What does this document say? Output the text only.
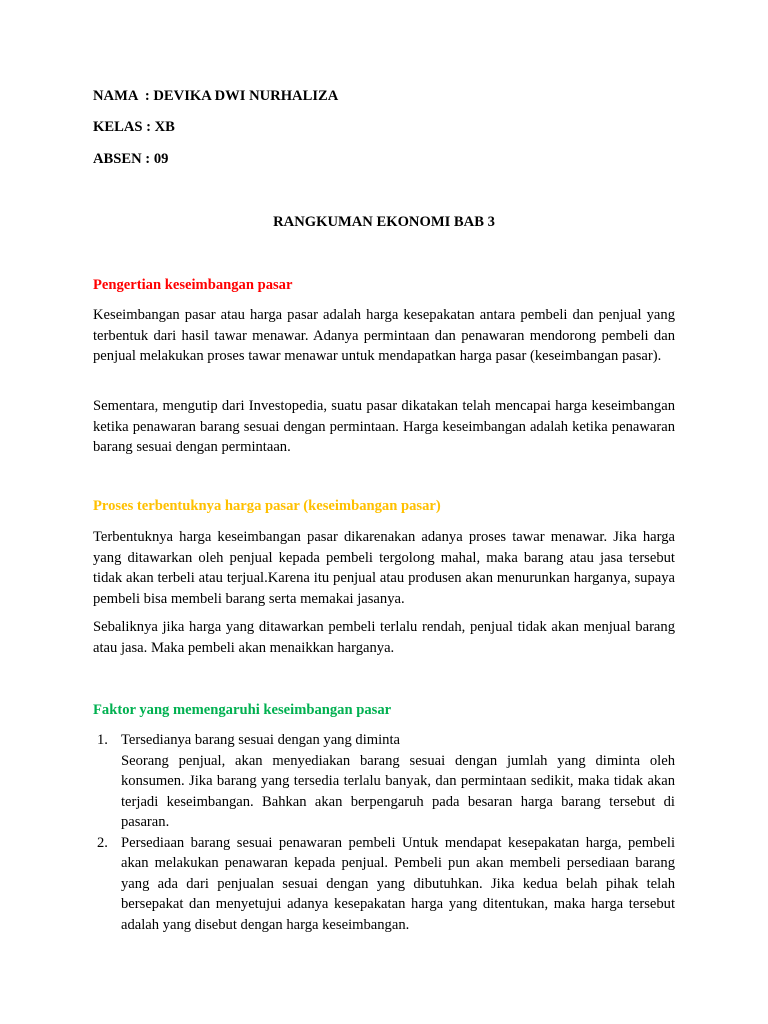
NAMA  : DEVIKA DWI NURHALIZA

KELAS : XB

ABSEN : 09

RANGKUMAN EKONOMI BAB 3
Pengertian keseimbangan pasar

Keseimbangan pasar atau harga pasar adalah harga kesepakatan antara pembeli dan penjual yang terbentuk dari hasil tawar menawar. Adanya permintaan dan penawaran mendorong pembeli dan penjual melakukan proses tawar menawar untuk mendapatkan harga pasar (keseimbangan pasar).

Sementara, mengutip dari Investopedia, suatu pasar dikatakan telah mencapai harga keseimbangan ketika penawaran barang sesuai dengan permintaan. Harga keseimbangan adalah ketika penawaran barang sesuai dengan permintaan.

Proses terbentuknya harga pasar (keseimbangan pasar)

Terbentuknya harga keseimbangan pasar dikarenakan adanya proses tawar menawar. Jika harga yang ditawarkan oleh penjual kepada pembeli tergolong mahal, maka barang atau jasa tersebut tidak akan terbeli atau terjual.Karena itu penjual atau produsen akan menurunkan harganya, supaya pembeli bisa membeli barang serta memakai jasanya.

Sebaliknya jika harga yang ditawarkan pembeli terlalu rendah, penjual tidak akan menjual barang atau jasa. Maka pembeli akan menaikkan harganya.

Faktor yang memengaruhi keseimbangan pasar
1. Tersedianya barang sesuai dengan yang diminta
Seorang penjual, akan menyediakan barang sesuai dengan jumlah yang diminta oleh konsumen. Jika barang yang tersedia terlalu banyak, dan permintaan sedikit, maka tidak akan terjadi keseimbangan. Bahkan akan berpengaruh pada besaran harga barang tersebut di pasaran.
2. Persediaan barang sesuai penawaran pembeli Untuk mendapat kesepakatan harga, pembeli akan melakukan penawaran kepada penjual. Pembeli pun akan membeli persediaan barang yang ada dari penjualan sesuai dengan yang dibutuhkan. Jika kedua belah pihak telah bersepakat dan menyetujui adanya kesepakatan harga yang ditentukan, maka harga tersebut adalah yang disebut dengan harga keseimbangan.
